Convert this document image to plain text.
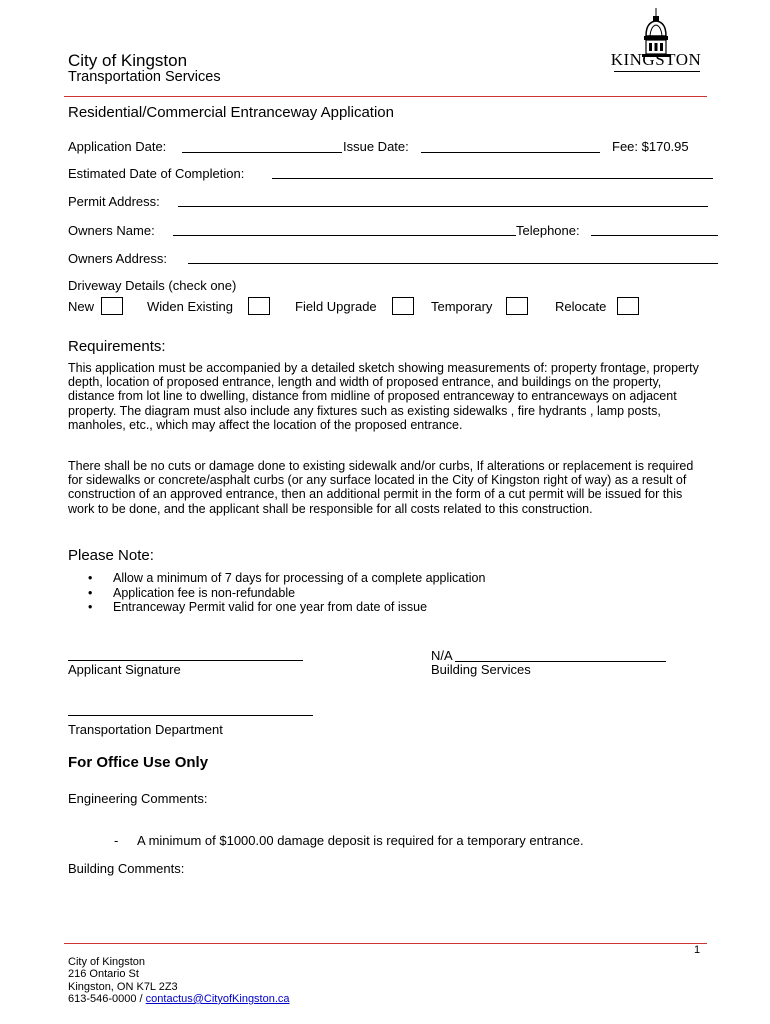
City of Kingston
Transportation Services
KINGSTON
Residential/Commercial Entranceway Application
Application Date:	Issue Date:	Fee: $170.95
Estimated Date of Completion:
Permit Address:
Owners Name:	Telephone:
Owners Address:
Driveway Details (check one)
New	Widen Existing	Field Upgrade	Temporary	Relocate
Requirements:
This application must be accompanied by a detailed sketch showing measurements of: property frontage, property depth, location of proposed entrance, length and width of proposed entrance, and buildings on the property, distance from lot line to dwelling, distance from midline of proposed entranceway to entranceways on adjacent property. The diagram must also include any fixtures such as existing sidewalks , fire hydrants , lamp posts, manholes, etc., which may affect the location of the proposed entrance.
There shall be no cuts or damage done to existing sidewalk and/or curbs, If alterations or replacement is required for sidewalks or concrete/asphalt curbs (or any surface located in the City of Kingston right of way) as a result of construction of an approved entrance, then an additional permit in the form of a cut permit will be issued for this work to be done, and the applicant shall be responsible for all costs related to this construction.
Please Note:
• Allow a minimum of 7 days for processing of a complete application
• Application fee is non-refundable
• Entranceway Permit valid for one year from date of issue
Applicant Signature
N/A
Building Services
Transportation Department
For Office Use Only
Engineering Comments:
- A minimum of $1000.00 damage deposit is required for a temporary entrance.
Building Comments:
1
City of Kingston
216 Ontario St
Kingston, ON K7L 2Z3
613-546-0000 / contactus@CityofKingston.ca
